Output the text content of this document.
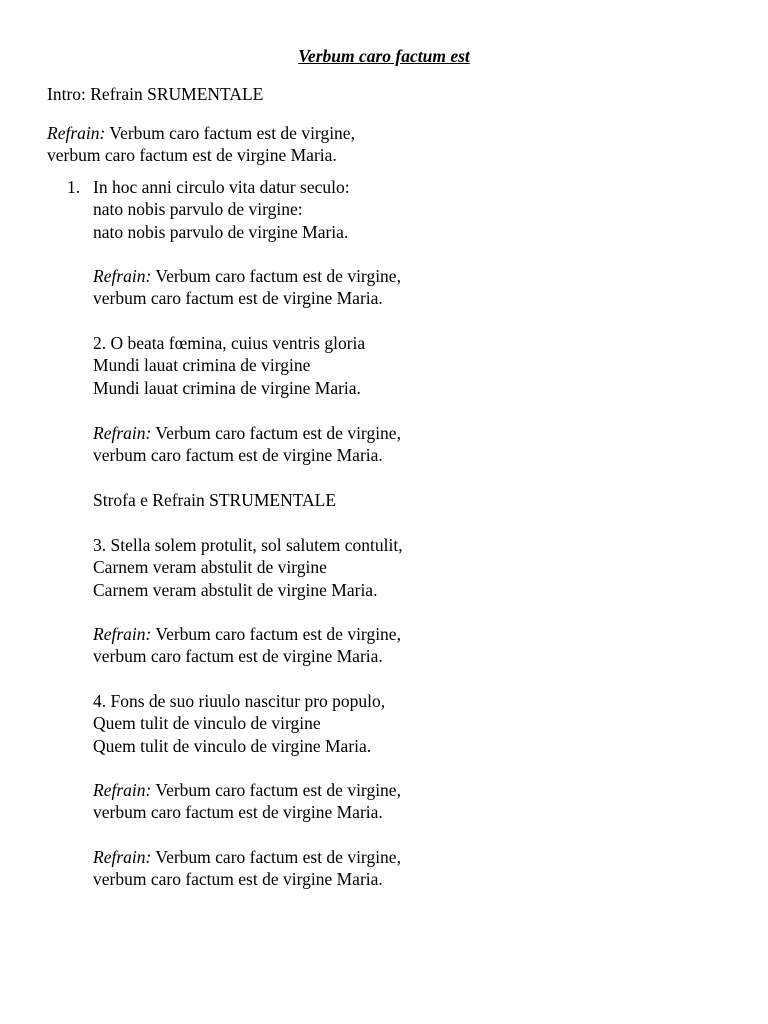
Verbum caro factum est
Intro: Refrain SRUMENTALE
Refrain: Verbum caro factum est de virgine,
verbum caro factum est de virgine Maria.
1. In hoc anni circulo vita datur seculo:
nato nobis parvulo de virgine:
nato nobis parvulo de virgine Maria.
Refrain: Verbum caro factum est de virgine,
verbum caro factum est de virgine Maria.
2. O beata fœmina, cuius ventris gloria
Mundi lauat crimina de virgine
Mundi lauat crimina de virgine Maria.
Refrain: Verbum caro factum est de virgine,
verbum caro factum est de virgine Maria.
Strofa e Refrain STRUMENTALE
3. Stella solem protulit, sol salutem contulit,
Carnem veram abstulit de virgine
Carnem veram abstulit de virgine Maria.
Refrain: Verbum caro factum est de virgine,
verbum caro factum est de virgine Maria.
4. Fons de suo riuulo nascitur pro populo,
Quem tulit de vinculo de virgine
Quem tulit de vinculo de virgine Maria.
Refrain: Verbum caro factum est de virgine,
verbum caro factum est de virgine Maria.
Refrain: Verbum caro factum est de virgine,
verbum caro factum est de virgine Maria.
